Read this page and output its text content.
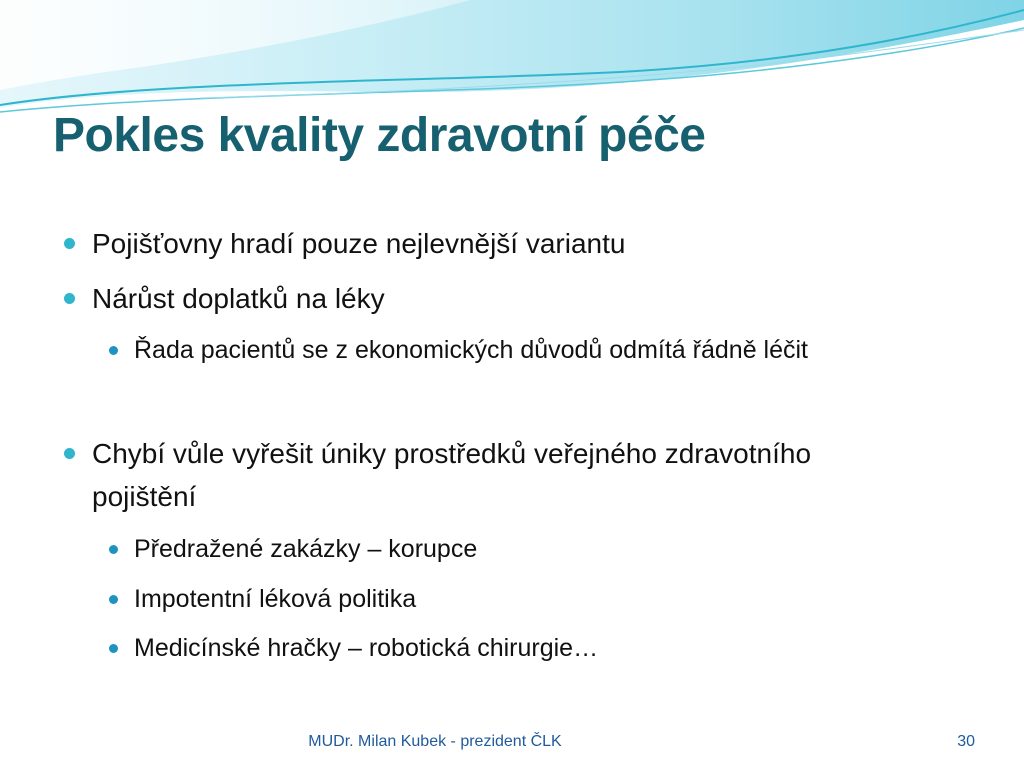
Pokles kvality zdravotní péče
Pojišťovny hradí pouze nejlevnější variantu
Nárůst doplatků na léky
Řada pacientů se z ekonomických důvodů odmítá řádně léčit
Chybí vůle vyřešit úniky prostředků veřejného zdravotního
pojištění
Předražené zakázky – korupce
Impotentní léková politika
Medicínské hračky – robotická chirurgie…
MUDr. Milan Kubek - prezident ČLK	30
